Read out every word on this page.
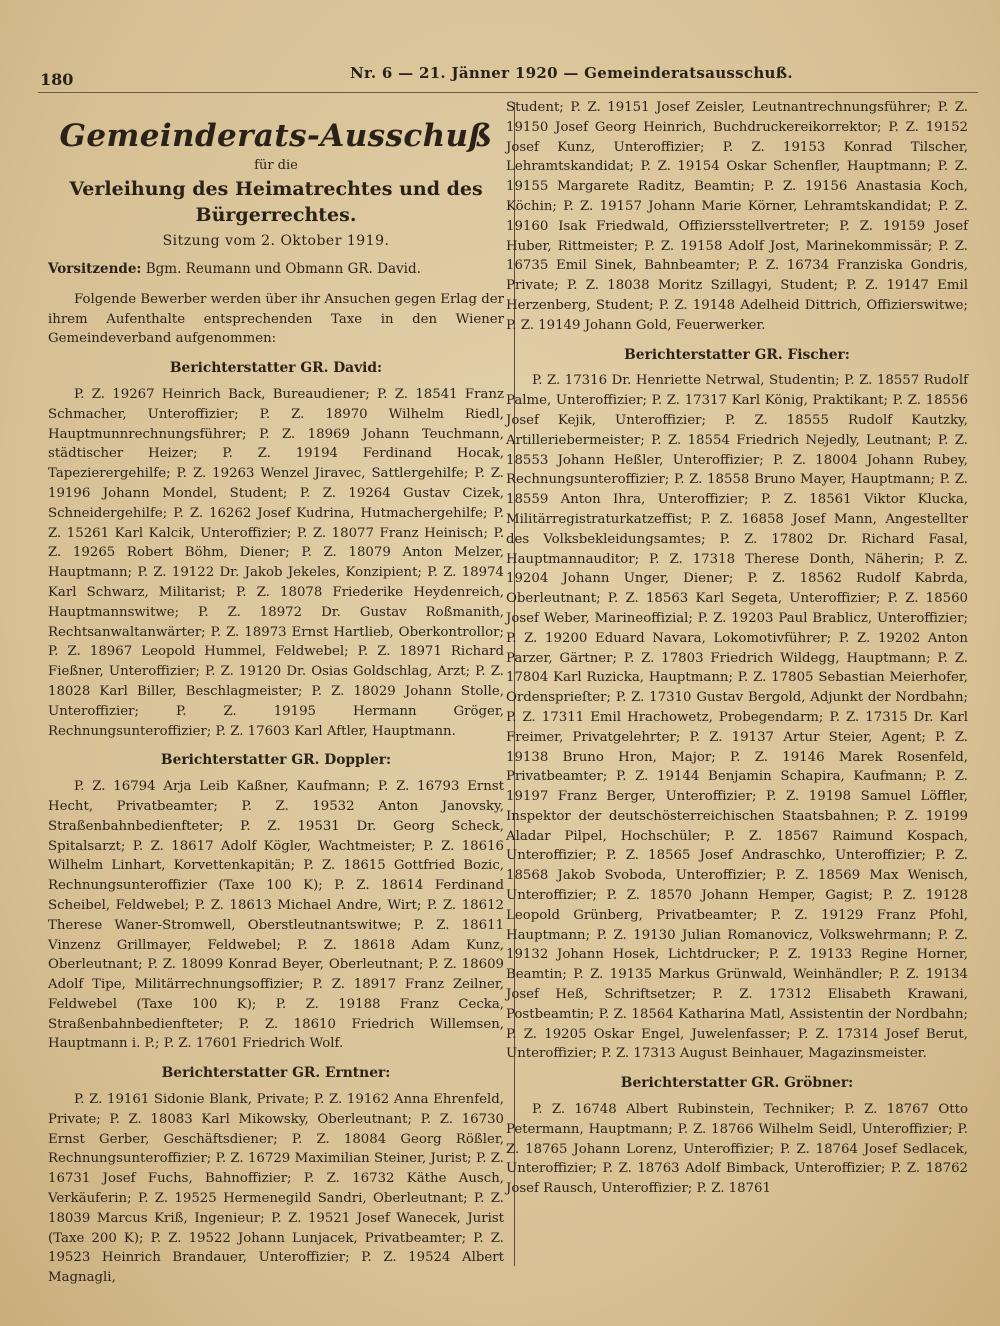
180	Nr. 6 — 21. Jänner 1920 — Gemeinderatsausschuß.
Gemeinderats-Ausschuß
für die
Verleihung des Heimatrechtes und des Bürgerrechtes.
Sitzung vom 2. Oktober 1919.
Vorsitzende: Bgm. Reumann und Obmann GR. David.

Folgende Bewerber werden über ihr Ansuchen gegen Erlag der ihrem Aufenthalte entsprechenden Taxe in den Wiener Gemeindeverband aufgenommen:

Berichterstatter GR. David:

P. Z. 19267 Heinrich Back, Bureaudiener; P. Z. 18541 Franz Schmacher, Unteroffizier; P. Z. 18970 Wilhelm Riedl, Hauptmunnrechnungsführer; P. Z. 18969 Johann Teuchmann, städtischer Heizer; P. Z. 19194 Ferdinand Hocak, Tapezierergehilfe; P. Z. 19263 Wenzel Jiravec, Sattlergehilfe; P. Z. 19196 Johann Mondel, Student; P. Z. 19264 Gustav Cizek, Schneidergehilfe; P. Z. 16262 Josef Kudrina, Hutmachergehilfe; P. Z. 15261 Karl Kalcik, Unteroffizier; P. Z. 18077 Franz Heinisch; P. Z. 19265 Robert Böhm, Diener; P. Z. 18079 Anton Melzer, Hauptmann; P. Z. 19122 Dr. Jakob Jekeles, Konzipient; P. Z. 18974 Karl Schwarz, Militarist; P. Z. 18078 Friederike Heydenreich, Hauptmannswitwe; P. Z. 18972 Dr. Gustav Roßmanith, Rechtsanwaltanwärter; P. Z. 18973 Ernst Hartlieb, Oberkontrollor; P. Z. 18967 Leopold Hummel, Feldwebel; P. Z. 18971 Richard Fießner, Unteroffizier; P. Z. 19120 Dr. Osias Goldschlag, Arzt; P. Z. 18028 Karl Biller, Beschlagmeister; P. Z. 18029 Johann Stolle, Unteroffizier; P. Z. 19195 Hermann Gröger, Rechnungsunteroffizier; P. Z. 17603 Karl Aftler, Hauptmann.

Berichterstatter GR. Doppler:

P. Z. 16794 Arja Leib Kaßner, Kaufmann; P. Z. 16793 Ernst Hecht, Privatbeamter; P. Z. 19532 Anton Janovsky, Straßenbahnbedienfteter; P. Z. 19531 Dr. Georg Scheck, Spitalsarzt; P. Z. 18617 Adolf Kögler, Wachtmeister; P. Z. 18616 Wilhelm Linhart, Korvettenkapitän; P. Z. 18615 Gottfried Bozic, Rechnungsunteroffizier (Taxe 100 K); P. Z. 18614 Ferdinand Scheibel, Feldwebel; P. Z. 18613 Michael Andre, Wirt; P. Z. 18612 Therese Waner-Stromwell, Oberstleutnantswitwe; P. Z. 18611 Vinzenz Grillmayer, Feldwebel; P. Z. 18618 Adam Kunz, Oberleutnant; P. Z. 18099 Konrad Beyer, Oberleutnant; P. Z. 18609 Adolf Tipe, Militärrechnungsoffizier; P. Z. 18917 Franz Zeilner, Feldwebel (Taxe 100 K); P. Z. 19188 Franz Cecka, Straßenbahnbedienfteter; P. Z. 18610 Friedrich Willemsen, Hauptmann i. P.; P. Z. 17601 Friedrich Wolf.

Berichterstatter GR. Erntner:

P. Z. 19161 Sidonie Blank, Private; P. Z. 19162 Anna Ehrenfeld, Private; P. Z. 18083 Karl Mikowsky, Oberleutnant; P. Z. 16730 Ernst Gerber, Geschäftsdiener; P. Z. 18084 Georg Rößler, Rechnungsunteroffizier; P. Z. 16729 Maximilian Steiner, Jurist; P. Z. 16731 Josef Fuchs, Bahnoffizier; P. Z. 16732 Käthe Ausch, Verkäuferin; P. Z. 19525 Hermenegild Sandri, Oberleutnant; P. Z. 18039 Marcus Kriß, Ingenieur; P. Z. 19521 Josef Wanecek, Jurist (Taxe 200 K); P. Z. 19522 Johann Lunjacek, Privatbeamter; P. Z. 19523 Heinrich Brandauer, Unteroffizier; P. Z. 19524 Albert Magnagli,

Student; P. Z. 19151 Josef Zeisler, Leutnantrechnungsführer; P. Z. 19150 Josef Georg Heinrich, Buchdruckereikorrektor; P. Z. 19152 Josef Kunz, Unteroffizier; P. Z. 19153 Konrad Tilscher, Lehramtskandidat; P. Z. 19154 Oskar Schenfler, Hauptmann; P. Z. 19155 Margarete Raditz, Beamtin; P. Z. 19156 Anastasia Koch, Köchin; P. Z. 19157 Johann Marie Körner, Lehramtskandidat; P. Z. 19160 Isak Friedwald, Offiziersstellvertreter; P. Z. 19159 Josef Huber, Rittmeister; P. Z. 19158 Adolf Jost, Marinekommissär; P. Z. 16735 Emil Sinek, Bahnbeamter; P. Z. 16734 Franziska Gondris, Private; P. Z. 18038 Moritz Szillagyi, Student; P. Z. 19147 Emil Herzenberg, Student; P. Z. 19148 Adelheid Dittrich, Offizierswitwe; P. Z. 19149 Johann Gold, Feuerwerker.

Berichterstatter GR. Fischer:

P. Z. 17316 Dr. Henriette Netrwal, Studentin; P. Z. 18557 Rudolf Palme, Unteroffizier; P. Z. 17317 Karl König, Praktikant; P. Z. 18556 Josef Kejik, Unteroffizier; P. Z. 18555 Rudolf Kautzky, Artilleriebermeister; P. Z. 18554 Friedrich Nejedly, Leutnant; P. Z. 18553 Johann Heßler, Unteroffizier; P. Z. 18004 Johann Rubey, Rechnungsunteroffizier; P. Z. 18558 Bruno Mayer, Hauptmann; P. Z. 18559 Anton Ihra, Unteroffizier; P. Z. 18561 Viktor Klucka, Militärregistraturkatzeffist; P. Z. 16858 Josef Mann, Angestellter des Volksbekleidungsamtes; P. Z. 17802 Dr. Richard Fasal, Hauptmannauditor; P. Z. 17318 Therese Donth, Näherin; P. Z. 19204 Johann Unger, Diener; P. Z. 18562 Rudolf Kabrda, Oberleutnant; P. Z. 18563 Karl Segeta, Unteroffizier; P. Z. 18560 Josef Weber, Marineoffizial; P. Z. 19203 Paul Brablicz, Unteroffizier; P. Z. 19200 Eduard Navara, Lokomotivführer; P. Z. 19202 Anton Parzer, Gärtner; P. Z. 17803 Friedrich Wildegg, Hauptmann; P. Z. 17804 Karl Ruzicka, Hauptmann; P. Z. 17805 Sebastian Meierhofer, Ordensprieſter; P. Z. 17310 Gustav Bergold, Adjunkt der Nordbahn; P. Z. 17311 Emil Hrachowetz, Probegendarm; P. Z. 17315 Dr. Karl Freimer, Privatgelehrter; P. Z. 19137 Artur Steier, Agent; P. Z. 19138 Bruno Hron, Major; P. Z. 19146 Marek Rosenfeld, Privatbeamter; P. Z. 19144 Benjamin Schapira, Kaufmann; P. Z. 19197 Franz Berger, Unteroffizier; P. Z. 19198 Samuel Löffler, Inspektor der deutschösterreichischen Staatsbahnen; P. Z. 19199 Aladar Pilpel, Hochschüler; P. Z. 18567 Raimund Kospach, Unteroffizier; P. Z. 18565 Josef Andraschko, Unteroffizier; P. Z. 18568 Jakob Svoboda, Unteroffizier; P. Z. 18569 Max Wenisch, Unteroffizier; P. Z. 18570 Johann Hemper, Gagist; P. Z. 19128 Leopold Grünberg, Privatbeamter; P. Z. 19129 Franz Pfohl, Hauptmann; P. Z. 19130 Julian Romanovicz, Volkswehrmann; P. Z. 19132 Johann Hosek, Lichtdrucker; P. Z. 19133 Regine Horner, Beamtin; P. Z. 19135 Markus Grünwald, Weinhändler; P. Z. 19134 Josef Heß, Schriftsetzer; P. Z. 17312 Elisabeth Krawani, Postbeamtin; P. Z. 18564 Katharina Matl, Assistentin der Nordbahn; P. Z. 19205 Oskar Engel, Juwelenfasser; P. Z. 17314 Josef Berut, Unteroffizier; P. Z. 17313 August Beinhauer, Magazinsmeister.

Berichterstatter GR. Gröbner:

P. Z. 16748 Albert Rubinstein, Techniker; P. Z. 18767 Otto Petermann, Hauptmann; P. Z. 18766 Wilhelm Seidl, Unteroffizier; P. Z. 18765 Johann Lorenz, Unteroffizier; P. Z. 18764 Josef Sedlacek, Unteroffizier; P. Z. 18763 Adolf Bimback, Unteroffizier; P. Z. 18762 Josef Rausch, Unteroffizier; P. Z. 18761
